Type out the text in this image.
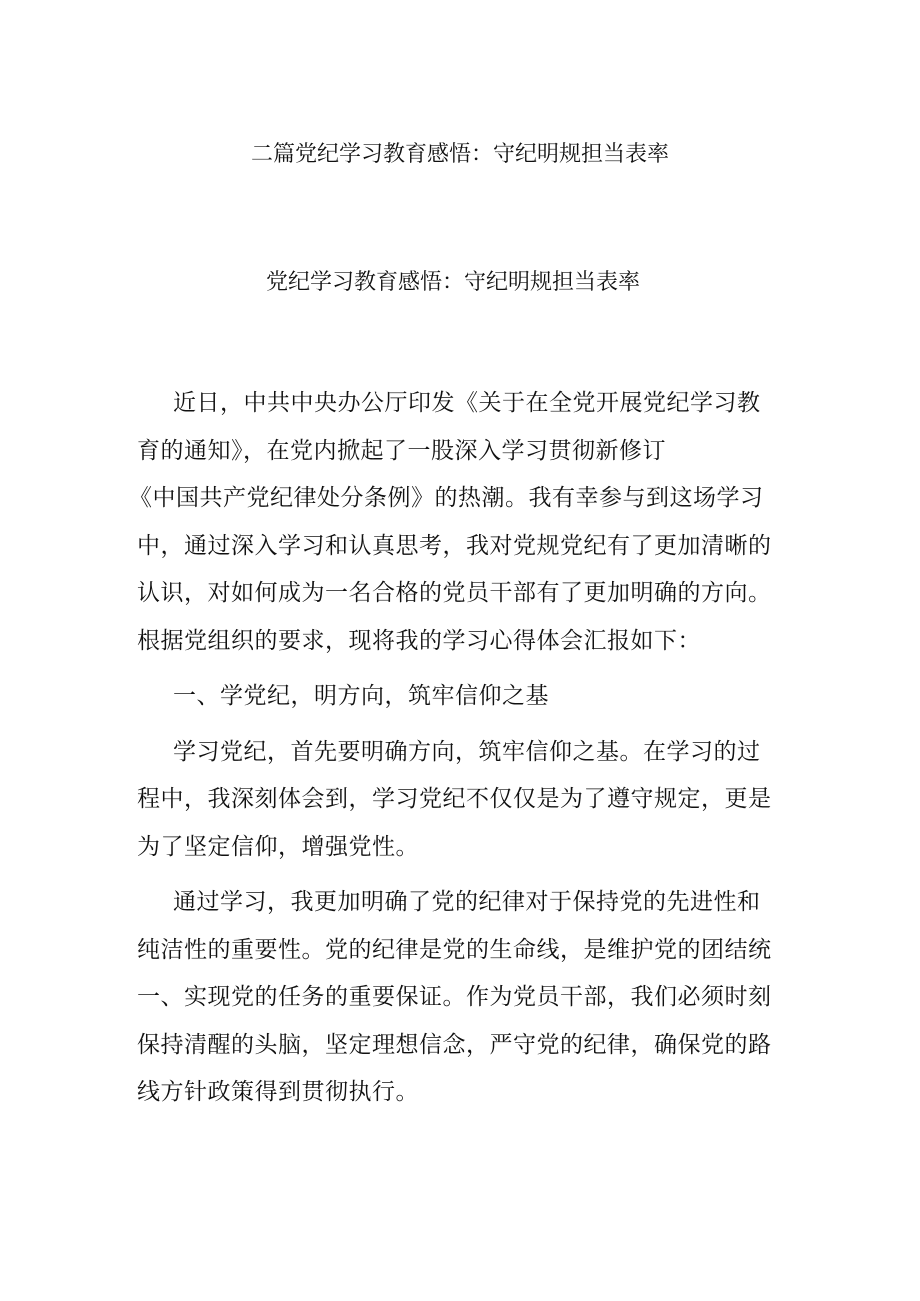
二篇党纪学习教育感悟：守纪明规担当表率
党纪学习教育感悟：守纪明规担当表率
近日，中共中央办公厅印发《关于在全党开展党纪学习教
育的通知》，在党内掀起了一股深入学习贯彻新修订
《中国共产党纪律处分条例》的热潮。我有幸参与到这场学习
中，通过深入学习和认真思考，我对党规党纪有了更加清晰的
认识，对如何成为一名合格的党员干部有了更加明确的方向。
根据党组织的要求，现将我的学习心得体会汇报如下：
一、学党纪，明方向，筑牢信仰之基
学习党纪，首先要明确方向，筑牢信仰之基。在学习的过
程中，我深刻体会到，学习党纪不仅仅是为了遵守规定，更是
为了坚定信仰，增强党性。
通过学习，我更加明确了党的纪律对于保持党的先进性和
纯洁性的重要性。党的纪律是党的生命线，是维护党的团结统
一、实现党的任务的重要保证。作为党员干部，我们必须时刻
保持清醒的头脑，坚定理想信念，严守党的纪律，确保党的路
线方针政策得到贯彻执行。
